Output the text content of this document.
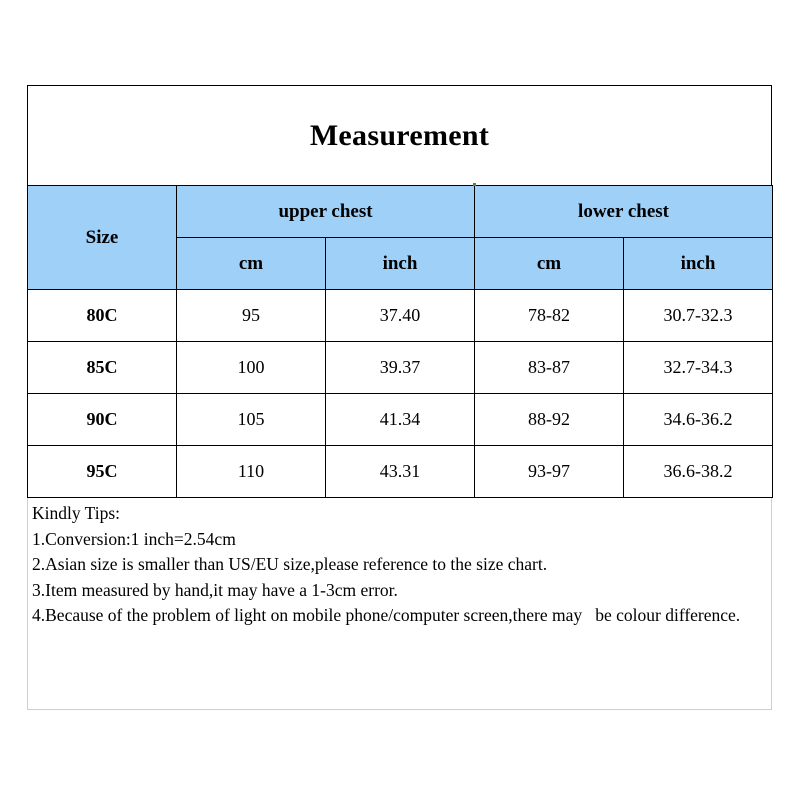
Measurement
Size	upper chest		lower chest	
	cm	inch	cm	inch
80C	95	37.40	78-82	30.7-32.3
85C	100	39.37	83-87	32.7-34.3
90C	105	41.34	88-92	34.6-36.2
95C	110	43.31	93-97	36.6-38.2
Kindly Tips:
1.Conversion:1 inch=2.54cm
2.Asian size is smaller than US/EU size,please reference to the size chart.
3.Item measured by hand,it may have a 1-3cm error.
4.Because of the problem of light on mobile phone/computer screen,there may   be colour difference.
